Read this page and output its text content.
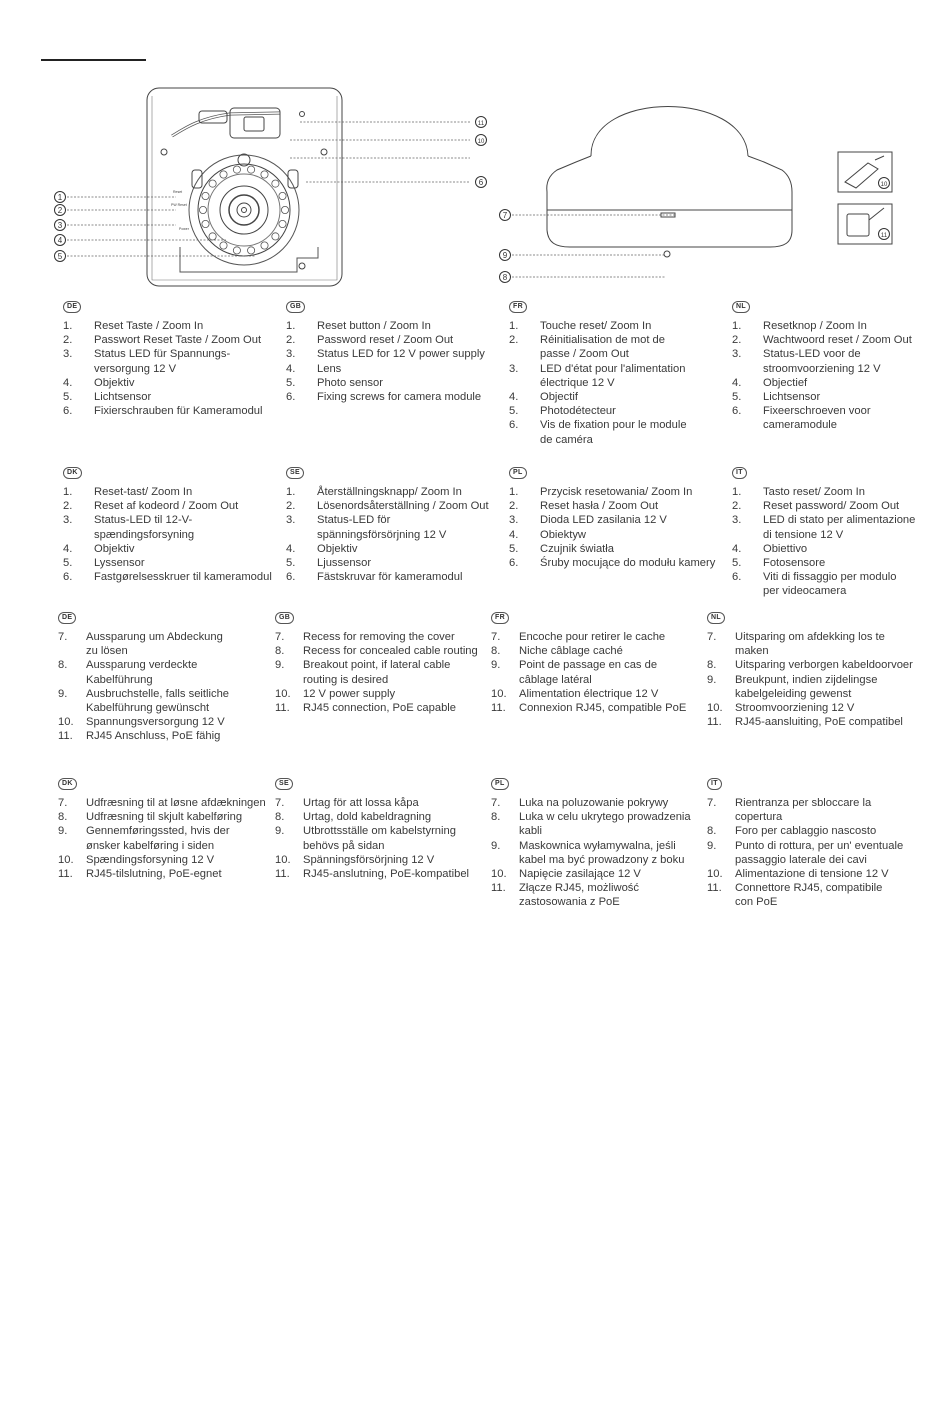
1
2
3
4
5
6
7
8
9
10
11
10
11
Reset
PW Reset
Power
DE
1.	Reset Taste / Zoom In
2.	Passwort Reset Taste / Zoom Out
3.	Status LED für Spannungs-
versorgung 12 V
4.	Objektiv
5.	Lichtsensor
6.	Fixierschrauben für Kameramodul
GB
1.	Reset button / Zoom In
2.	Password reset / Zoom Out
3.	Status LED for 12 V power supply
4.	Lens
5.	Photo sensor
6.	Fixing screws for camera module
FR
1.	Touche reset/ Zoom In
2.	Réinitialisation de mot de
passe / Zoom Out
3.	LED d'état pour l'alimentation
électrique 12 V
4.	Objectif
5.	Photodétecteur
6.	Vis de fixation pour le module
de caméra
NL
1.	Resetknop / Zoom In
2.	Wachtwoord reset / Zoom Out
3.	Status-LED voor de
stroomvoorziening 12 V
4.	Objectief
5.	Lichtsensor
6.	Fixeerschroeven voor
cameramodule
DK
1.	Reset-tast/ Zoom In
2.	Reset af kodeord / Zoom Out
3.	Status-LED til 12-V-
spændingsforsyning
4.	Objektiv
5.	Lyssensor
6.	Fastgørelsesskruer til kameramodul
SE
1.	Återställningsknapp/ Zoom In
2.	Lösenordsåterställning / Zoom Out
3.	Status-LED för
spänningsförsörjning 12 V
4.	Objektiv
5.	Ljussensor
6.	Fästskruvar för kameramodul
PL
1.	Przycisk resetowania/ Zoom In
2.	Reset hasła / Zoom Out
3.	Dioda LED zasilania 12 V
4.	Obiektyw
5.	Czujnik światła
6.	Śruby mocujące do modułu kamery
IT
1.	Tasto reset/ Zoom In
2.	Reset password/ Zoom Out
3.	LED di stato per alimentazione
di tensione 12 V
4.	Obiettivo
5.	Fotosensore
6.	Viti di fissaggio per modulo
per videocamera
DE
7.	Aussparung um Abdeckung
zu lösen
8.	Aussparung verdeckte
Kabelführung
9.	Ausbruchstelle, falls seitliche
Kabelführung gewünscht
10.	Spannungsversorgung 12 V
11.	RJ45 Anschluss, PoE fähig
GB
7.	Recess for removing the cover
8.	Recess for concealed cable routing
9.	Breakout point, if lateral cable
routing is desired
10.	12 V power supply
11.	RJ45 connection, PoE capable
FR
7.	Encoche pour retirer le cache
8.	Niche câblage caché
9.	Point de passage en cas de
câblage latéral
10.	Alimentation électrique 12 V
11.	Connexion RJ45, compatible PoE
NL
7.	Uitsparing om afdekking los te maken
8.	Uitsparing verborgen kabeldoorvoer
9.	Breukpunt, indien zijdelingse
kabelgeleiding gewenst
10.	Stroomvoorziening 12 V
11.	RJ45-aansluiting, PoE compatibel
DK
7.	Udfræsning til at løsne afdækningen
8.	Udfræsning til skjult kabelføring
9.	Gennemføringssted, hvis der
ønsker kabelføring i siden
10.	Spændingsforsyning 12 V
11.	RJ45-tilslutning, PoE-egnet
SE
7.	Urtag för att lossa kåpa
8.	Urtag, dold kabeldragning
9.	Utbrottsställe om kabelstyrning
behövs på sidan
10.	Spänningsförsörjning 12 V
11.	RJ45-anslutning, PoE-kompatibel
PL
7.	Luka na poluzowanie pokrywy
8.	Luka w celu ukrytego prowadzenia
kabli
9.	Maskownica wyłamywalna, jeśli
kabel ma być prowadzony z boku
10.	Napięcie zasilające 12 V
11.	Złącze RJ45, możliwość
zastosowania z PoE
IT
7.	Rientranza per sbloccare la copertura
8.	Foro per cablaggio nascosto
9.	Punto di rottura, per un' eventuale
passaggio laterale dei cavi
10.	Alimentazione di tensione 12 V
11.	Connettore RJ45, compatibile
con PoE
